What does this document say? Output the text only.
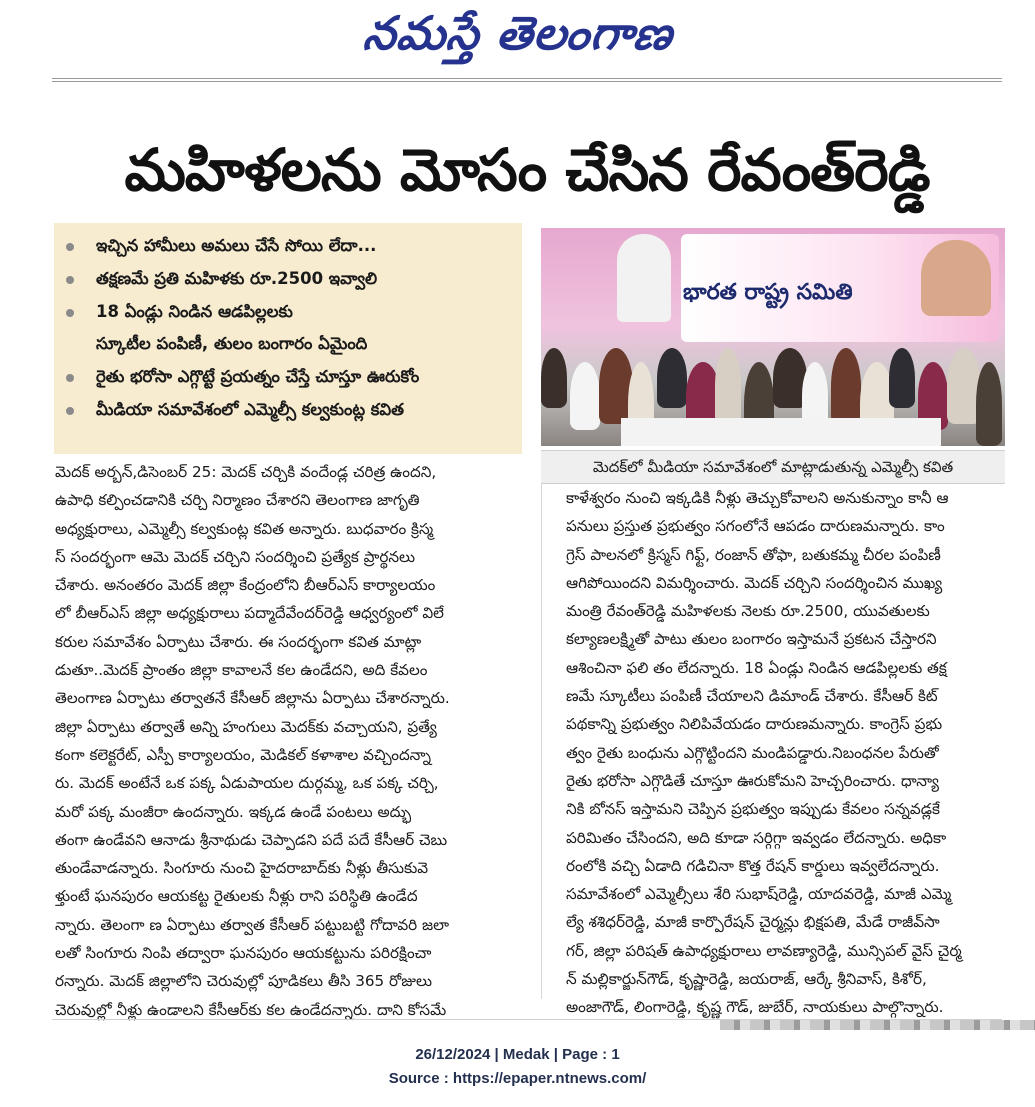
నమస్తే తెలంగాణ
మహిళలను మోసం చేసిన రేవంత్‌రెడ్డి
ఇచ్చిన హామీలు అమలు చేసే సోయి లేదా...
తక్షణమే ప్రతి మహిళకు రూ.2500 ఇవ్వాలి
18 ఏండ్లు నిండిన ఆడపిల్లలకు
స్కూటీల పంపిణీ, తులం బంగారం ఏమైంది
రైతు భరోసా ఎగ్గొట్టే ప్రయత్నం చేస్తే చూస్తూ ఊరుకోం
మీడియా సమావేశంలో ఎమ్మెల్సీ కల్వకుంట్ల కవిత
భారత రాష్ట్ర సమితి
మెదక్‌లో మీడియా సమావేశంలో మాట్లాడుతున్న ఎమ్మెల్సీ కవిత

మెదక్ అర్బన్,డిసెంబర్ 25: మెదక్ చర్చికి వందేండ్ల చరిత్ర ఉందని,

ఉపాధి కల్పించడానికి చర్చి నిర్మాణం చేశారని తెలంగాణ జాగృతి

అధ్యక్షురాలు, ఎమ్మెల్సీ కల్వకుంట్ల కవిత అన్నారు. బుధవారం క్రిస్మ

స్ సందర్భంగా ఆమె మెదక్ చర్చిని సందర్శించి ప్రత్యేక ప్రార్థనలు

చేశారు. అనంతరం మెదక్ జిల్లా కేంద్రంలోని బీఆర్ఎస్ కార్యాలయం

లో బీఆర్ఎస్ జిల్లా అధ్యక్షురాలు పద్మాదేవేందర్‌రెడ్డి ఆధ్వర్యంలో విలే

కరుల సమావేశం ఏర్పాటు చేశారు. ఈ సందర్భంగా కవిత మాట్లా

డుతూ..మెదక్ ప్రాంతం జిల్లా కావాలనే కల ఉండేదని, అది కేవలం

తెలంగాణ ఏర్పాటు తర్వాతనే కేసీఆర్ జిల్లాను ఏర్పాటు చేశారన్నారు.

జిల్లా ఏర్పాటు తర్వాతే అన్ని హంగులు మెదక్‌కు వచ్చాయని, ప్రత్యే

కంగా కలెక్టరేట్, ఎస్పీ కార్యాలయం, మెడికల్ కళాశాల వచ్చిందన్నా

రు. మెదక్ అంటేనే ఒక పక్క ఏడుపాయల దుర్గమ్మ, ఒక పక్క చర్చి,

మరో పక్క మంజీరా ఉందన్నారు. ఇక్కడ ఉండే పంటలు అద్భు

తంగా ఉండేవని ఆనాడు శ్రీనాథుడు చెప్పాడని పదే పదే కేసీఆర్ చెబు

తుండేవాడన్నారు. సింగూరు నుంచి హైదరాబాద్‌కు నీళ్లు తీసుకువె

ళ్తుంటే ఘనపురం ఆయకట్ట రైతులకు నీళ్లు రాని పరిస్థితి ఉండేద

న్నారు. తెలంగా ణ ఏర్పాటు తర్వాత కేసీఆర్ పట్టుబట్టి గోదావరి జలా

లతో సింగూరు నింపి తద్వారా ఘనపురం ఆయకట్టును పరిరక్షించా

రన్నారు. మెదక్ జిల్లాలోని చెరువుల్లో పూడికలు తీసి 365 రోజులు

చెరువుల్లో నీళ్లు ఉండాలని కేసీఆర్‌కు కల ఉండేదన్నారు. దాని కోసమే

కాళేశ్వరం నుంచి ఇక్కడికి నీళ్లు తెచ్చుకోవాలని అనుకున్నాం కానీ ఆ

పనులు ప్రస్తుత ప్రభుత్వం సగంలోనే ఆపడం దారుణమన్నారు. కాం

గ్రెస్ పాలనలో క్రిస్మస్ గిఫ్ట్, రంజాన్ తోఫా, బతుకమ్మ చీరల పంపిణీ

ఆగిపోయిందని విమర్శించారు. మెదక్ చర్చిని సందర్శించిన ముఖ్య

మంత్రి రేవంత్‌రెడ్డి మహిళలకు నెలకు రూ.2500, యువతులకు

కల్యాణలక్ష్మితో పాటు తులం బంగారం ఇస్తామనే ప్రకటన చేస్తారని

ఆశించినా ఫలి తం లేదన్నారు. 18 ఏండ్లు నిండిన ఆడపిల్లలకు తక్ష

ణమే స్కూటీలు పంపిణీ చేయాలని డిమాండ్ చేశారు. కేసీఆర్ కిట్

పథకాన్ని ప్రభుత్వం నిలిపివేయడం దారుణమన్నారు. కాంగ్రెస్ ప్రభు

త్వం రైతు బంధును ఎగ్గొట్టిందని మండిపడ్డారు.నిబంధనల పేరుతో

రైతు భరోసా ఎగ్గొడితే చూస్తూ ఊరుకోమని హెచ్చరించారు. ధాన్యా

నికి బోనస్ ఇస్తామని చెప్పిన ప్రభుత్వం ఇప్పుడు కేవలం సన్నవడ్లకే

పరిమితం చేసిందని, అది కూడా సర్గిగ్గా ఇవ్వడం లేదన్నారు. అధికా

రంలోకి వచ్చి ఏడాది గడిచినా కొత్త రేషన్ కార్డులు ఇవ్వలేదన్నారు.

సమావేశంలో ఎమ్మెల్సీలు శేరి సుభాష్‌రెడ్డి, యాదవరెడ్డి, మాజీ ఎమ్మె

ల్యే శశిధర్‌రెడ్డి, మాజీ కార్పొరేషన్ చైర్మన్లు భిక్షపతి, మేడే రాజీవ్‌సా

గర్, జిల్లా పరిషత్ ఉపాధ్యక్షురాలు లావణ్యారెడ్డి, మున్సిపల్ వైస్ చైర్మ

న్ మల్లికార్జున్‌గౌడ్, కృష్ణారెడ్డి, జయరాజ్, ఆర్కే శ్రీనివాస్, కిశోర్,

అంజాగౌడ్, లింగారెడ్డి, కృష్ణ గౌడ్, జుబేర్, నాయకులు పాల్గొన్నారు.

26/12/2024 | Medak | Page : 1
Source : https://epaper.ntnews.com/
